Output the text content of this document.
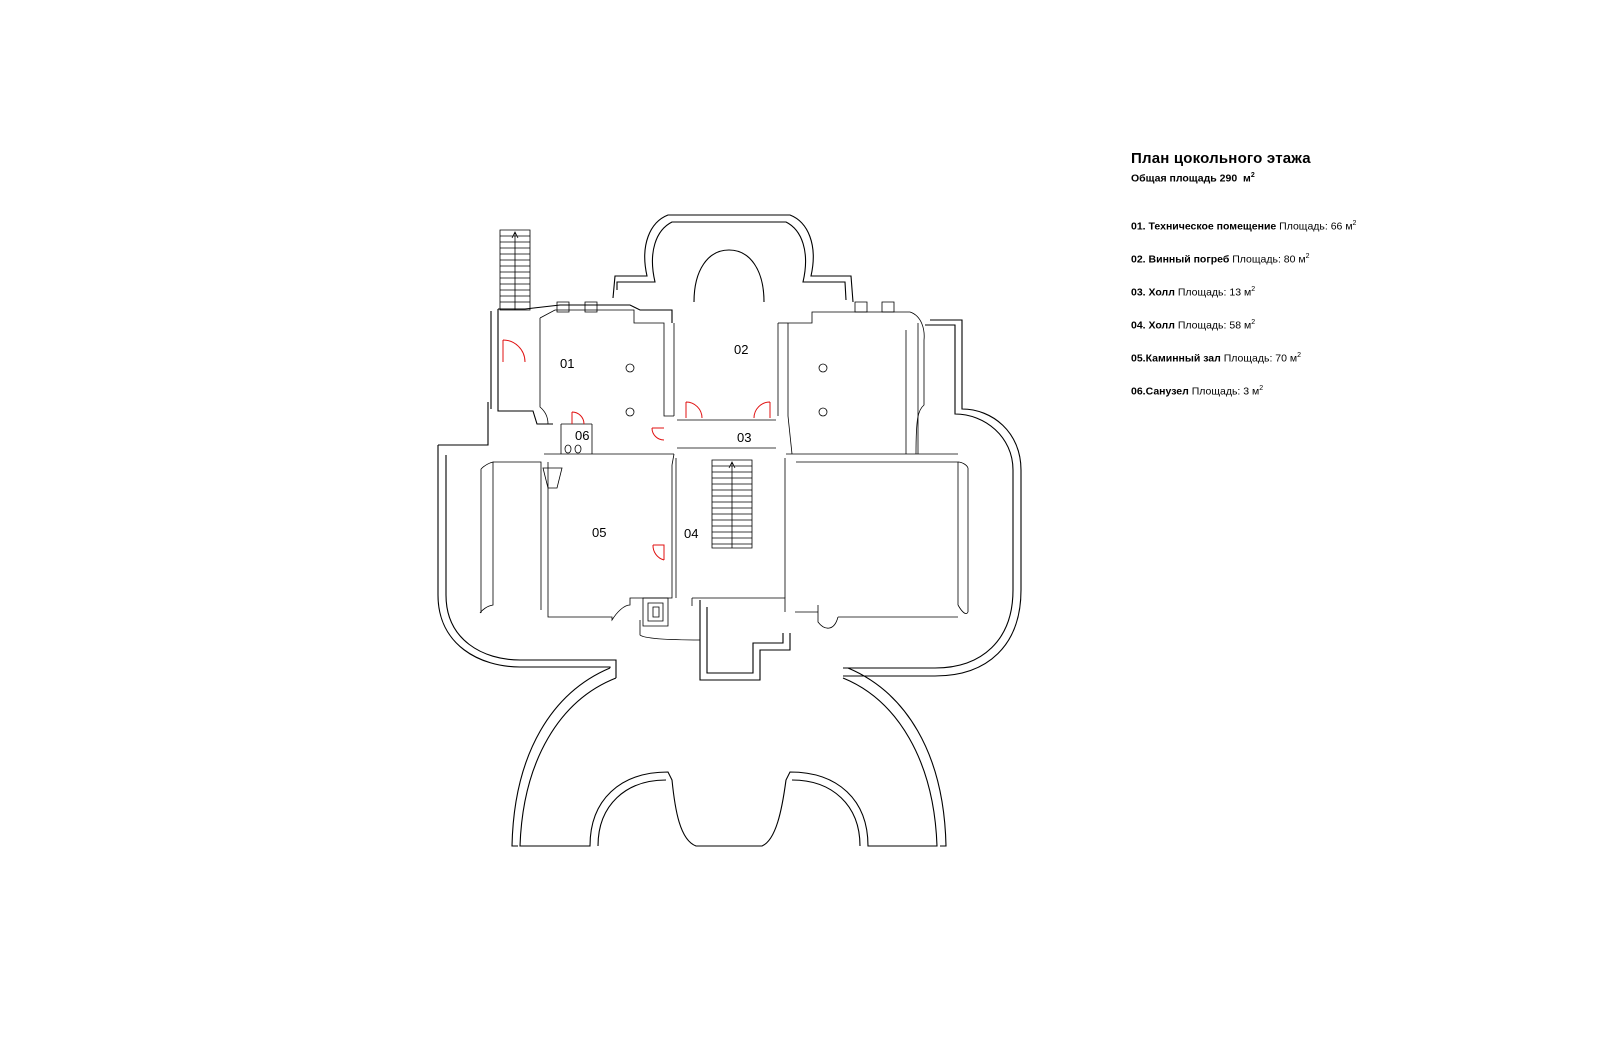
01
02
03
04
05
06
План цокольного этажа
Общая площадь 290 $м^2$
01. Техническое помещение Площадь: 66 $м^2$
02. Винный погреб Площадь: 80 $м^2$
03. Холл Площадь: 13 $м^2$
04. Холл Площадь: 58 $м^2$
05.Каминный зал Площадь: 70 $м^2$
06.Санузел Площадь: 3 $м^2$
